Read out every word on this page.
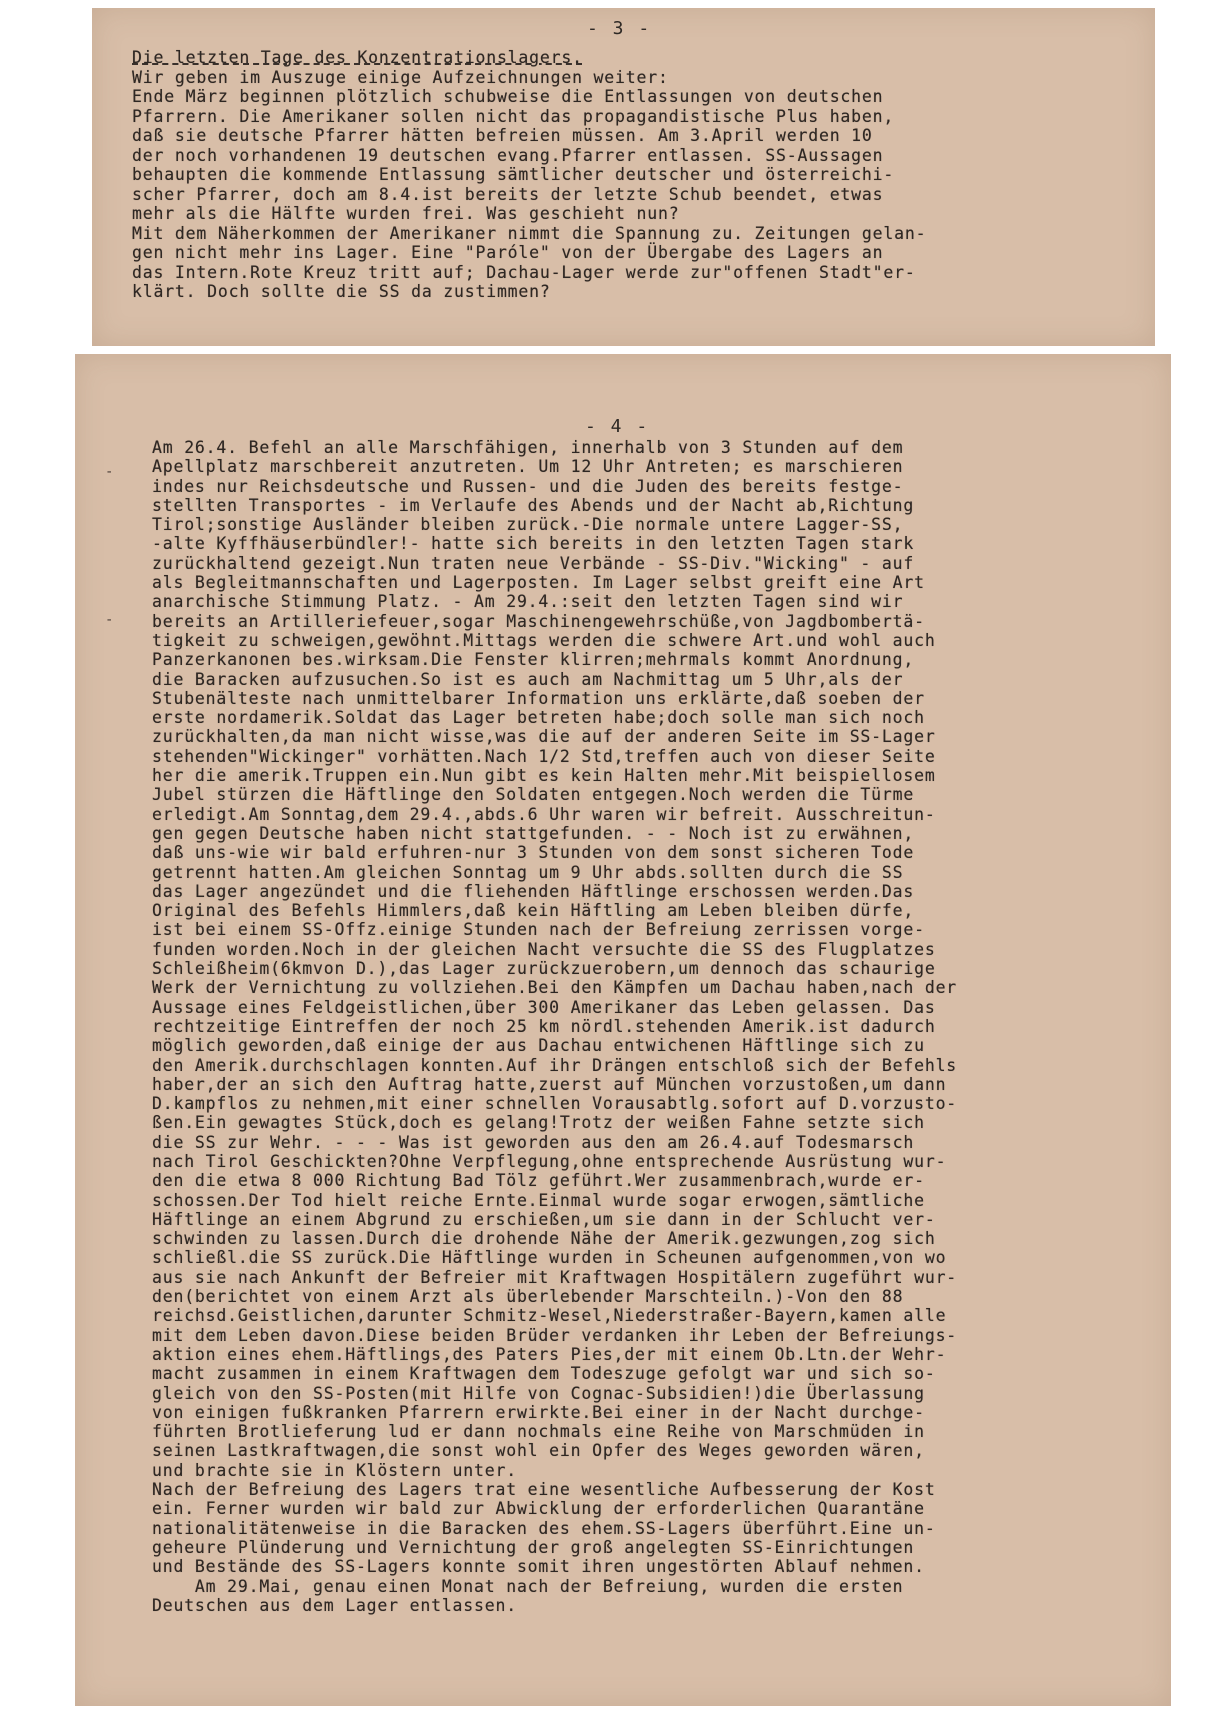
- 3 -
Die letzten Tage des Konzentrationslagers.
Wir geben im Auszuge einige Aufzeichnungen weiter:
Ende März beginnen plötzlich schubweise die Entlassungen von deutschen
Pfarrern. Die Amerikaner sollen nicht das propagandistische Plus haben,
daß sie deutsche Pfarrer hätten befreien müssen. Am 3.April werden 10
der noch vorhandenen 19 deutschen evang.Pfarrer entlassen. SS-Aussagen
behaupten die kommende Entlassung sämtlicher deutscher und österreichi-
scher Pfarrer, doch am 8.4.ist bereits der letzte Schub beendet, etwas
mehr als die Hälfte wurden frei. Was geschieht nun?
Mit dem Näherkommen der Amerikaner nimmt die Spannung zu. Zeitungen gelan-
gen nicht mehr ins Lager. Eine "Paróle" von der Übergabe des Lagers an
das Intern.Rote Kreuz tritt auf; Dachau-Lager werde zur"offenen Stadt"er-
klärt. Doch sollte die SS da zustimmen?
- 4 -
-
-
Am 26.4. Befehl an alle Marschfähigen, innerhalb von 3 Stunden auf dem
Apellplatz marschbereit anzutreten. Um 12 Uhr Antreten; es marschieren
indes nur Reichsdeutsche und Russen- und die Juden des bereits festge-
stellten Transportes - im Verlaufe des Abends und der Nacht ab,Richtung
Tirol;sonstige Ausländer bleiben zurück.-Die normale untere Lagger-SS,
-alte Kyffhäuserbündler!- hatte sich bereits in den letzten Tagen stark
zurückhaltend gezeigt.Nun traten neue Verbände - SS-Div."Wicking" - auf
als Begleitmannschaften und Lagerposten. Im Lager selbst greift eine Art
anarchische Stimmung Platz. - Am 29.4.:seit den letzten Tagen sind wir
bereits an Artilleriefeuer,sogar Maschinengewehrschüße,von Jagdbombertä-
tigkeit zu schweigen,gewöhnt.Mittags werden die schwere Art.und wohl auch
Panzerkanonen bes.wirksam.Die Fenster klirren;mehrmals kommt Anordnung,
die Baracken aufzusuchen.So ist es auch am Nachmittag um 5 Uhr,als der
Stubenälteste nach unmittelbarer Information uns erklärte,daß soeben der
erste nordamerik.Soldat das Lager betreten habe;doch solle man sich noch
zurückhalten,da man nicht wisse,was die auf der anderen Seite im SS-Lager
stehenden"Wickinger" vorhätten.Nach 1/2 Std,treffen auch von dieser Seite
her die amerik.Truppen ein.Nun gibt es kein Halten mehr.Mit beispiellosem
Jubel stürzen die Häftlinge den Soldaten entgegen.Noch werden die Türme
erledigt.Am Sonntag,dem 29.4.,abds.6 Uhr waren wir befreit. Ausschreitun-
gen gegen Deutsche haben nicht stattgefunden. - - Noch ist zu erwähnen,
daß uns-wie wir bald erfuhren-nur 3 Stunden von dem sonst sicheren Tode
getrennt hatten.Am gleichen Sonntag um 9 Uhr abds.sollten durch die SS
das Lager angezündet und die fliehenden Häftlinge erschossen werden.Das
Original des Befehls Himmlers,daß kein Häftling am Leben bleiben dürfe,
ist bei einem SS-Offz.einige Stunden nach der Befreiung zerrissen vorge-
funden worden.Noch in der gleichen Nacht versuchte die SS des Flugplatzes
Schleißheim(6kmvon D.),das Lager zurückzuerobern,um dennoch das schaurige
Werk der Vernichtung zu vollziehen.Bei den Kämpfen um Dachau haben,nach der
Aussage eines Feldgeistlichen,über 300 Amerikaner das Leben gelassen. Das
rechtzeitige Eintreffen der noch 25 km nördl.stehenden Amerik.ist dadurch
möglich geworden,daß einige der aus Dachau entwichenen Häftlinge sich zu
den Amerik.durchschlagen konnten.Auf ihr Drängen entschloß sich der Befehls
haber,der an sich den Auftrag hatte,zuerst auf München vorzustoßen,um dann
D.kampflos zu nehmen,mit einer schnellen Vorausabtlg.sofort auf D.vorzusto-
ßen.Ein gewagtes Stück,doch es gelang!Trotz der weißen Fahne setzte sich
die SS zur Wehr. - - - Was ist geworden aus den am 26.4.auf Todesmarsch
nach Tirol Geschickten?Ohne Verpflegung,ohne entsprechende Ausrüstung wur-
den die etwa 8 000 Richtung Bad Tölz geführt.Wer zusammenbrach,wurde er-
schossen.Der Tod hielt reiche Ernte.Einmal wurde sogar erwogen,sämtliche
Häftlinge an einem Abgrund zu erschießen,um sie dann in der Schlucht ver-
schwinden zu lassen.Durch die drohende Nähe der Amerik.gezwungen,zog sich
schließl.die SS zurück.Die Häftlinge wurden in Scheunen aufgenommen,von wo
aus sie nach Ankunft der Befreier mit Kraftwagen Hospitälern zugeführt wur-
den(berichtet von einem Arzt als überlebender Marschteiln.)-Von den 88
reichsd.Geistlichen,darunter Schmitz-Wesel,Niederstraßer-Bayern,kamen alle
mit dem Leben davon.Diese beiden Brüder verdanken ihr Leben der Befreiungs-
aktion eines ehem.Häftlings,des Paters Pies,der mit einem Ob.Ltn.der Wehr-
macht zusammen in einem Kraftwagen dem Todeszuge gefolgt war und sich so-
gleich von den SS-Posten(mit Hilfe von Cognac-Subsidien!)die Überlassung
von einigen fußkranken Pfarrern erwirkte.Bei einer in der Nacht durchge-
führten Brotlieferung lud er dann nochmals eine Reihe von Marschmüden in
seinen Lastkraftwagen,die sonst wohl ein Opfer des Weges geworden wären,
und brachte sie in Klöstern unter.
Nach der Befreiung des Lagers trat eine wesentliche Aufbesserung der Kost
ein. Ferner wurden wir bald zur Abwicklung der erforderlichen Quarantäne
nationalitätenweise in die Baracken des ehem.SS-Lagers überführt.Eine un-
geheure Plünderung und Vernichtung der groß angelegten SS-Einrichtungen
und Bestände des SS-Lagers konnte somit ihren ungestörten Ablauf nehmen.
Am 29.Mai, genau einen Monat nach der Befreiung, wurden die ersten
Deutschen aus dem Lager entlassen.
